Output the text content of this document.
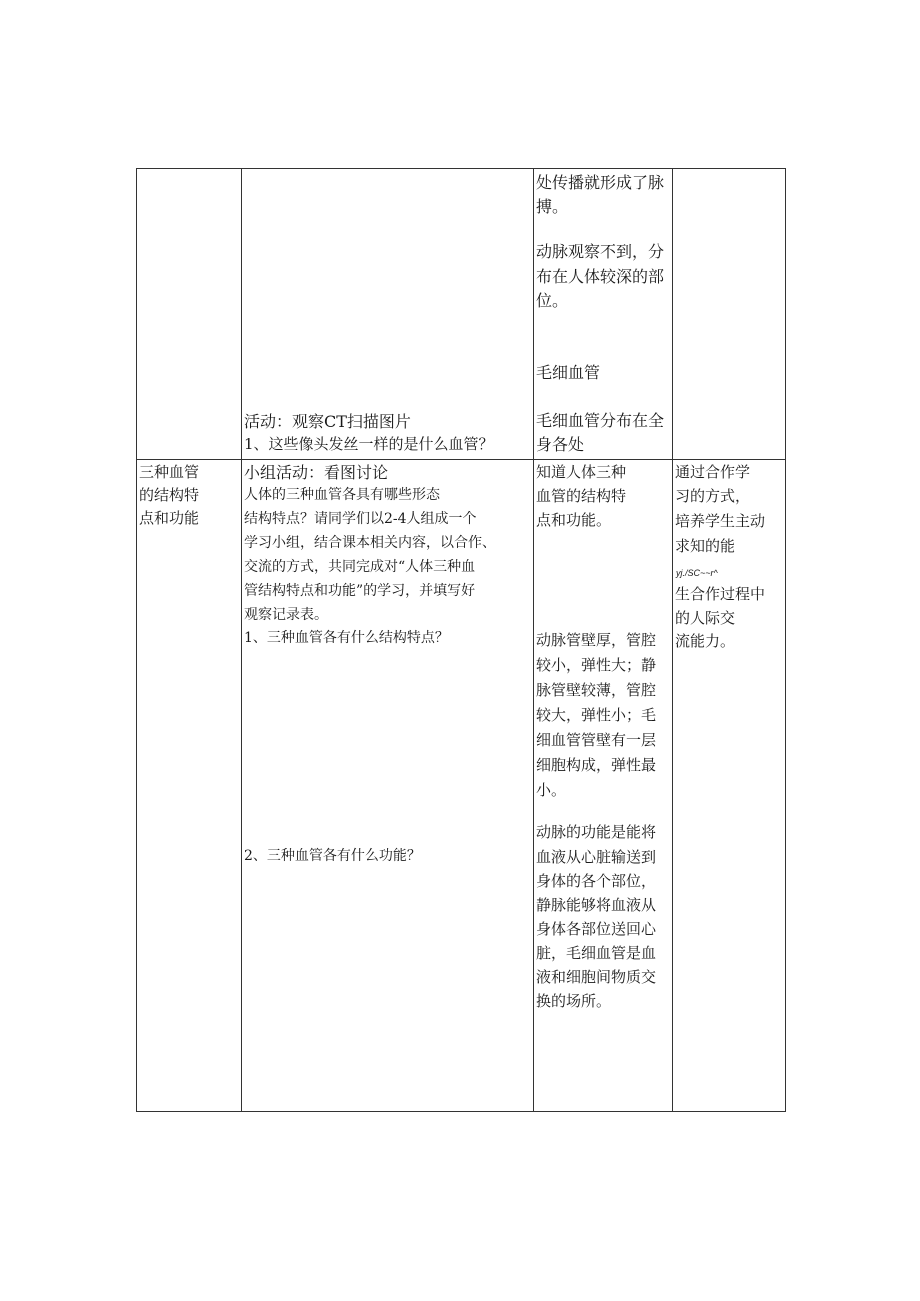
活动：观察CT扫描图片
1、这些像头发丝一样的是什么血管？
处传播就形成了脉
搏。
动脉观察不到，分
布在人体较深的部
位。
毛细血管
毛细血管分布在全
身各处
三种血管
的结构特
点和功能
小组活动：看图讨论
人体的三种血管各具有哪些形态
结构特点？请同学们以2-4人组成一个
学习小组，结合课本相关内容，以合作、
交流的方式，共同完成对“人体三种血
管结构特点和功能”的学习，并填写好
观察记录表。
1、三种血管各有什么结构特点？
2、三种血管各有什么功能？
知道人体三种
血管的结构特
点和功能。
动脉管壁厚，管腔
较小，弹性大；静
脉管壁较薄，管腔
较大，弹性小；毛
细血管管壁有一层
细胞构成，弹性最
小。
动脉的功能是能将
血液从心脏输送到
身体的各个部位，
静脉能够将血液从
身体各部位送回心
脏，毛细血管是血
液和细胞间物质交
换的场所。
通过合作学
习的方式，
培养学生主动
求知的能
yj./SC~~r^
生合作过程中
的人际交
流能力。
